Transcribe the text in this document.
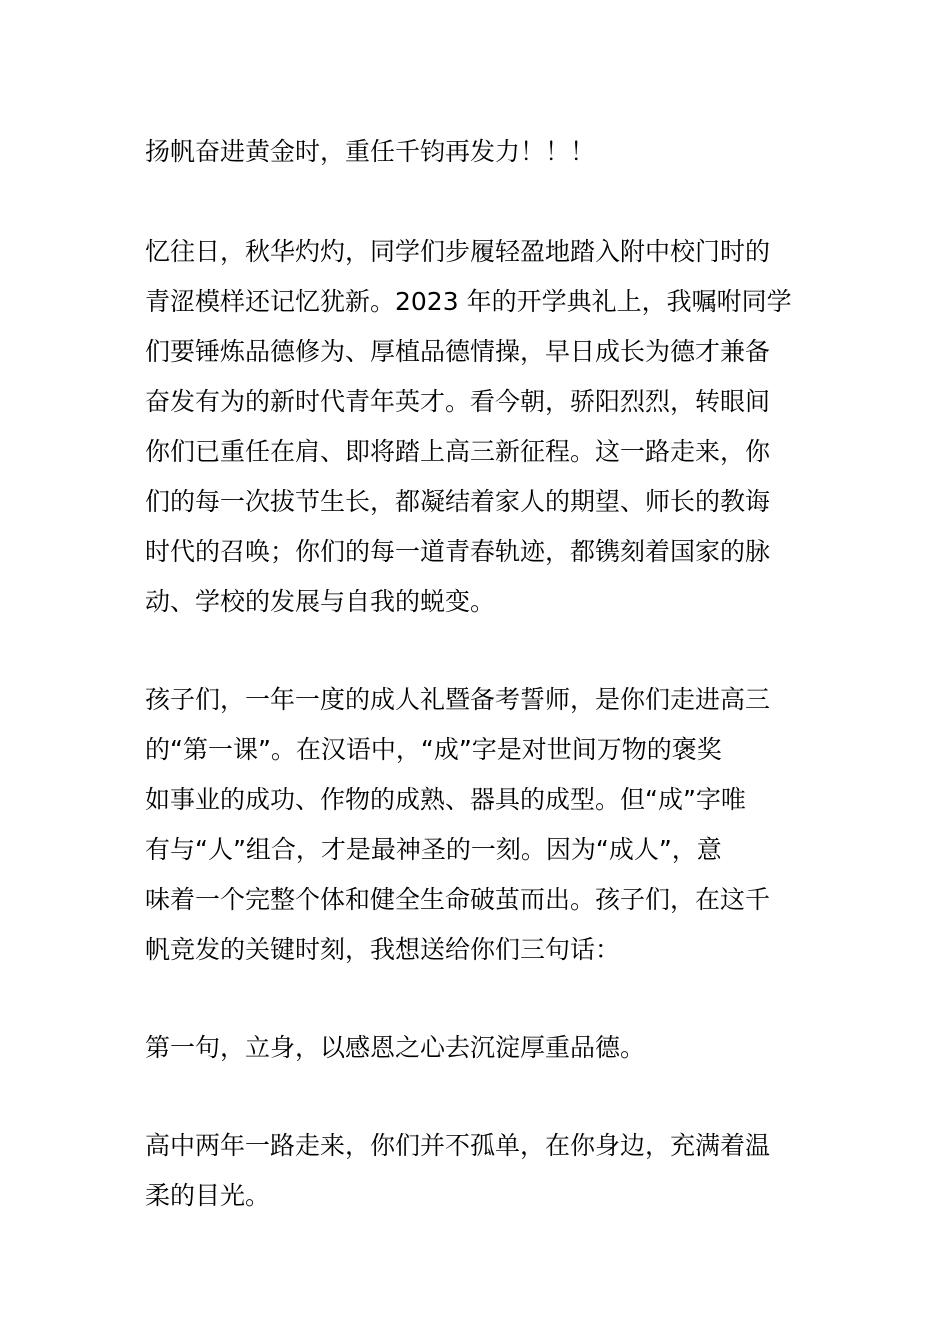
扬帆奋进黄金时，重任千钧再发力！！！
忆往日，秋华灼灼，同学们步履轻盈地踏入附中校门时的
青涩模样还记忆犹新。2023 年的开学典礼上，我嘱咐同学
们要锤炼品德修为、厚植品德情操，早日成长为德才兼备
奋发有为的新时代青年英才。看今朝，骄阳烈烈，转眼间
你们已重任在肩、即将踏上高三新征程。这一路走来，你
们的每一次拔节生长，都凝结着家人的期望、师长的教诲
时代的召唤；你们的每一道青春轨迹，都镌刻着国家的脉
动、学校的发展与自我的蜕变。
孩子们，一年一度的成人礼暨备考誓师，是你们走进高三
的“第一课”。在汉语中，“成”字是对世间万物的褒奖
如事业的成功、作物的成熟、器具的成型。但“成”字唯
有与“人”组合，才是最神圣的一刻。因为“成人”，意
味着一个完整个体和健全生命破茧而出。孩子们，在这千
帆竞发的关键时刻，我想送给你们三句话：
第一句，立身，以感恩之心去沉淀厚重品德。
高中两年一路走来，你们并不孤单，在你身边，充满着温
柔的目光。
